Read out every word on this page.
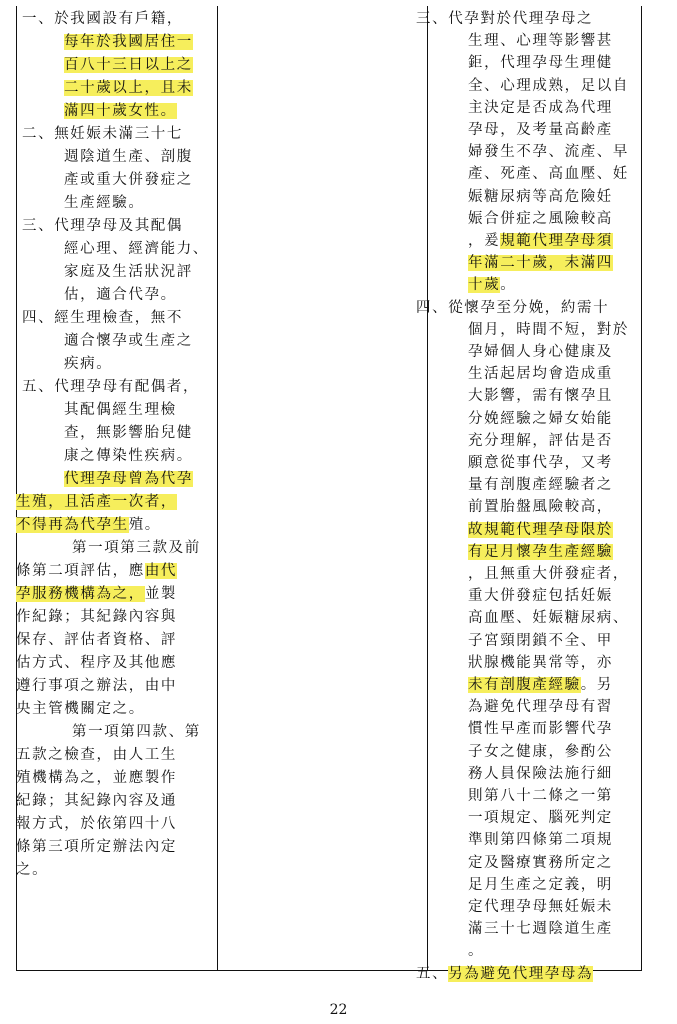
一、於我國設有戶籍，
每年於我國居住一
百八十三日以上之
二十歲以上，且未
滿四十歲女性。
二、無妊娠未滿三十七
週陰道生產、剖腹
產或重大併發症之
生產經驗。
三、代理孕母及其配偶
經心理、經濟能力、
家庭及生活狀況評
估，適合代孕。
四、經生理檢查，無不
適合懷孕或生產之
疾病。
五、代理孕母有配偶者，
其配偶經生理檢
查，無影響胎兒健
康之傳染性疾病。
代理孕母曾為代孕
生殖，且活產一次者，
不得再為代孕生殖。
第一項第三款及前
條第二項評估，應由代
孕服務機構為之，並製
作紀錄；其紀錄內容與
保存、評估者資格、評
估方式、程序及其他應
遵行事項之辦法，由中
央主管機關定之。
第一項第四款、第
五款之檢查，由人工生
殖機構為之，並應製作
紀錄；其紀錄內容及通
報方式，於依第四十八
條第三項所定辦法內定
之。
三、代孕對於代理孕母之
生理、心理等影響甚
鉅，代理孕母生理健
全、心理成熟，足以自
主決定是否成為代理
孕母，及考量高齡產
婦發生不孕、流產、早
產、死產、高血壓、妊
娠糖尿病等高危險妊
娠合併症之風險較高
，爰規範代理孕母須
年滿二十歲，未滿四
十歲。
四、從懷孕至分娩，約需十
個月，時間不短，對於
孕婦個人身心健康及
生活起居均會造成重
大影響，需有懷孕且
分娩經驗之婦女始能
充分理解，評估是否
願意從事代孕，又考
量有剖腹產經驗者之
前置胎盤風險較高，
故規範代理孕母限於
有足月懷孕生產經驗
，且無重大併發症者，
重大併發症包括妊娠
高血壓、妊娠糖尿病、
子宮頸閉鎖不全、甲
狀腺機能異常等，亦
未有剖腹產經驗。另
為避免代理孕母有習
慣性早產而影響代孕
子女之健康，參酌公
務人員保險法施行細
則第八十二條之一第
一項規定、腦死判定
準則第四條第二項規
定及醫療實務所定之
足月生產之定義，明
定代理孕母無妊娠未
滿三十七週陰道生產
。
五、另為避免代理孕母為
22
